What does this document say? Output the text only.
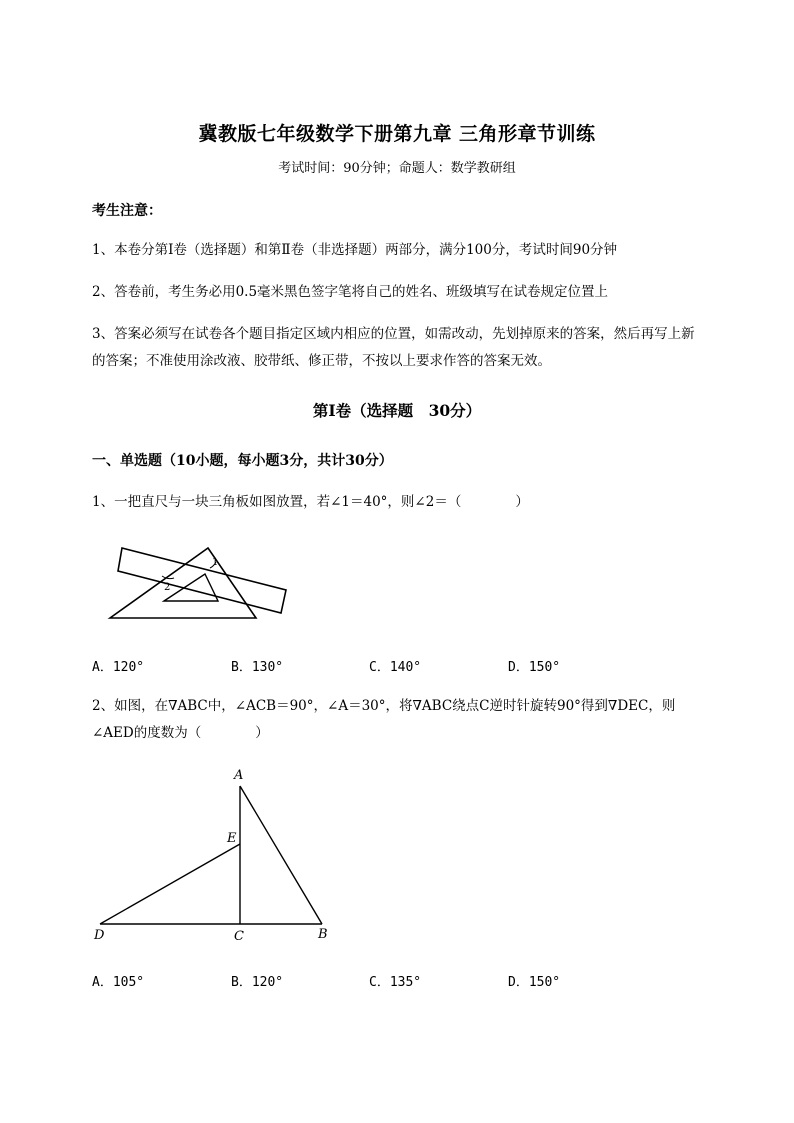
冀教版七年级数学下册第九章 三角形章节训练
考试时间：90分钟；命题人：数学教研组
考生注意：
1、本卷分第I卷（选择题）和第Ⅱ卷（非选择题）两部分，满分100分，考试时间90分钟
2、答卷前，考生务必用0.5毫米黑色签字笔将自己的姓名、班级填写在试卷规定位置上
3、答案必须写在试卷各个题目指定区域内相应的位置，如需改动，先划掉原来的答案，然后再写上新
的答案；不准使用涂改液、胶带纸、修正带，不按以上要求作答的答案无效。
第I卷（选择题　30分）
一、单选题（10小题，每小题3分，共计30分）
1、一把直尺与一块三角板如图放置，若∠1＝40°，则∠2＝（　　　　）
1
2
A．120°	B．130°	C．140°	D．150°
2、如图，在∇ABC中，∠ACB＝90°，∠A＝30°，将∇ABC绕点C逆时针旋转90°得到∇DEC，则
∠AED的度数为（　　　　）
A
E
D	C	B
A．105°	B．120°	C．135°	D．150°
